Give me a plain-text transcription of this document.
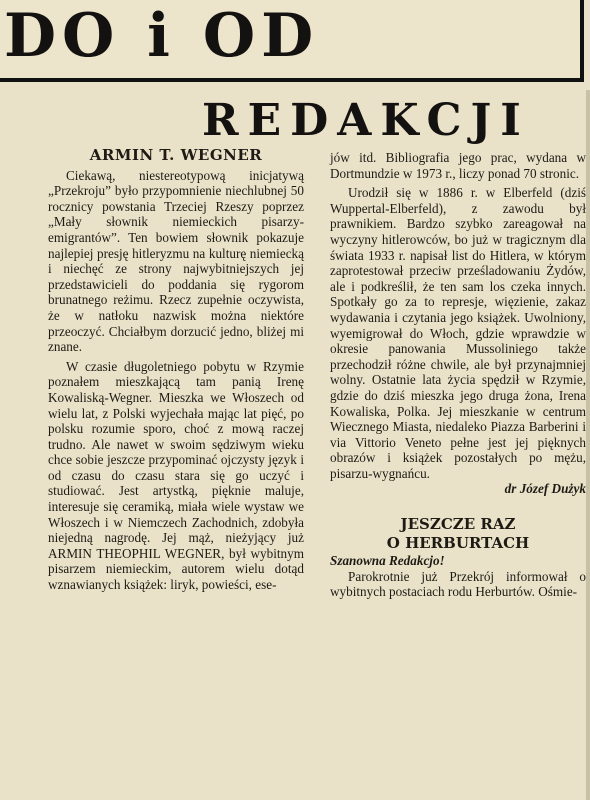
DO i OD
REDAKCJI
ARMIN T. WEGNER

Ciekawą, niestereotypową inicjatywą „Przekroju” było przypomnienie niechlubnej 50 rocznicy powstania Trzeciej Rzeszy poprzez „Mały słownik niemieckich pisarzy-emigrantów”. Ten bowiem słownik pokazuje najlepiej presję hitleryzmu na kulturę niemiecką i niechęć ze strony najwybitniejszych jej przedstawicieli do poddania się rygorom brunatnego reżimu. Rzecz zupełnie oczywista, że w natłoku nazwisk można niektóre przeoczyć. Chciałbym dorzucić jedno, bliżej mi znane.

W czasie długoletniego pobytu w Rzymie poznałem mieszkającą tam panią Irenę Kowaliską-Wegner. Mieszka we Włoszech od wielu lat, z Polski wyjechała mając lat pięć, po polsku rozumie sporo, choć z mową raczej trudno. Ale nawet w swoim sędziwym wieku chce sobie jeszcze przypominać ojczysty język i od czasu do czasu stara się go uczyć i studiować. Jest artystką, pięknie maluje, interesuje się ceramiką, miała wiele wystaw we Włoszech i w Niemczech Zachodnich, zdobyła niejedną nagrodę. Jej mąż, nieżyjący już ARMIN THEOPHIL WEGNER, był wybitnym pisarzem niemieckim, autorem wielu dotąd wznawianych książek: liryk, powieści, ese-

jów itd. Bibliografia jego prac, wydana w Dortmundzie w 1973 r., liczy ponad 70 stronic.

Urodził się w 1886 r. w Elberfeld (dziś Wuppertal-Elberfeld), z zawodu był prawnikiem. Bardzo szybko zareagował na wyczyny hitlerowców, bo już w tragicznym dla świata 1933 r. napisał list do Hitlera, w którym zaprotestował przeciw prześladowaniu Żydów, ale i podkreślił, że ten sam los czeka innych. Spotkały go za to represje, więzienie, zakaz wydawania i czytania jego książek. Uwolniony, wyemigrował do Włoch, gdzie wprawdzie w okresie panowania Mussoliniego także przechodził różne chwile, ale był przynajmniej wolny. Ostatnie lata życia spędził w Rzymie, gdzie do dziś mieszka jego druga żona, Irena Kowaliska, Polka. Jej mieszkanie w centrum Wiecznego Miasta, niedaleko Piazza Barberini i via Vittorio Veneto pełne jest jej pięknych obrazów i książek pozostałych po mężu, pisarzu-wygnańcu.

dr Józef Dużyk

JESZCZE RAZ
O HERBURTACH

Szanowna Redakcjo!

Parokrotnie już Przekrój informował o wybitnych postaciach rodu Herburtów. Ośmie-
